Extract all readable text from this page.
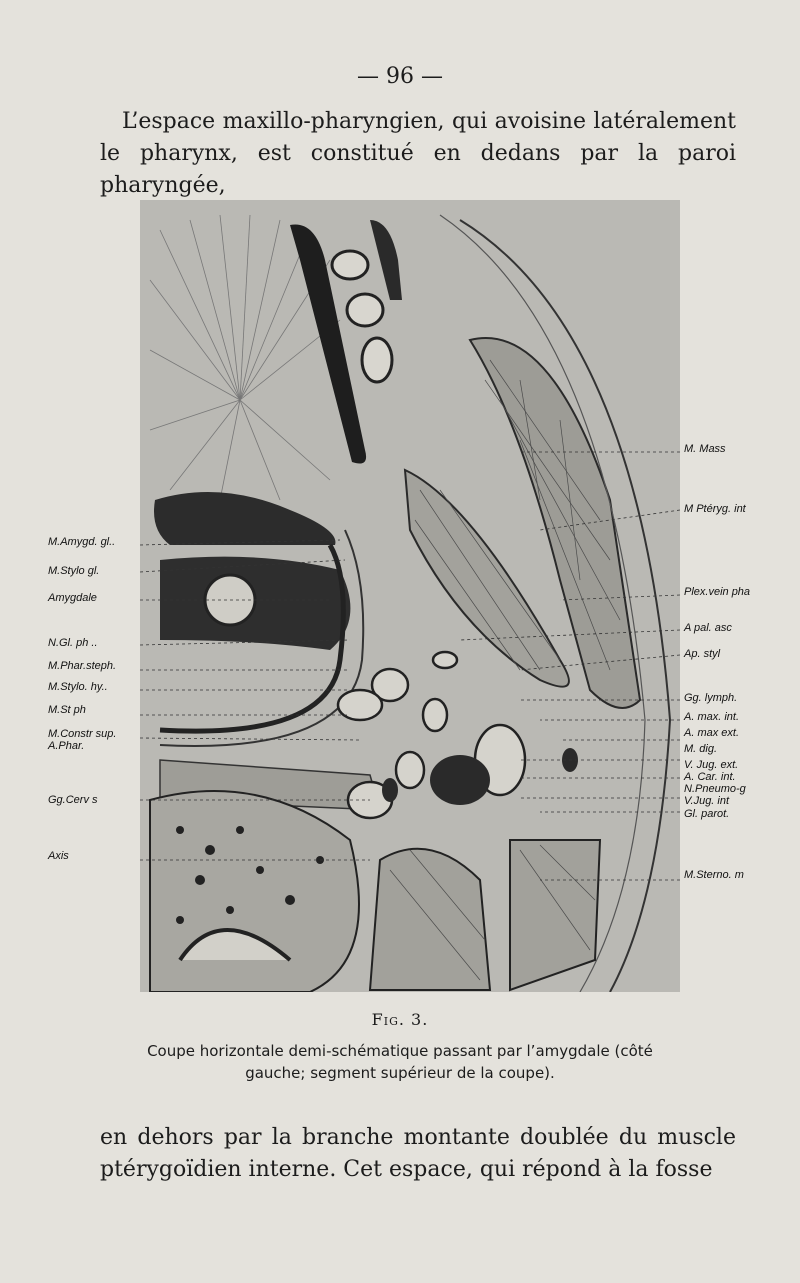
— 96 —

L’espace maxillo-pharyngien, qui avoisine latéralement le pharynx, est constitué en dedans par la paroi pharyngée,

M.Amygd. gl..
M.Stylo gl.
Amygdale
N.Gl. ph ..
M.Phar.steph.
M.Stylo. hy..
M.St ph
M.Constr sup.
A.Phar.
Gg.Cerv s
Axis
M. Mass
M Ptéryg. int
Plex.vein pha
A pal. asc
Ap. styl
Gg. lymph.
A. max. int.
A. max ext.
M. dig.
V. Jug. ext.
A. Car. int.
N.Pneumo-g
V.Jug. int
Gl. parot.
M.Sterno. m
Fig. 3.
Coupe horizontale demi-schématique passant par l’amygdale (côté gauche; segment supérieur de la coupe).

en dehors par la branche montante doublée du muscle ptérygoïdien interne. Cet espace, qui répond à la fosse
